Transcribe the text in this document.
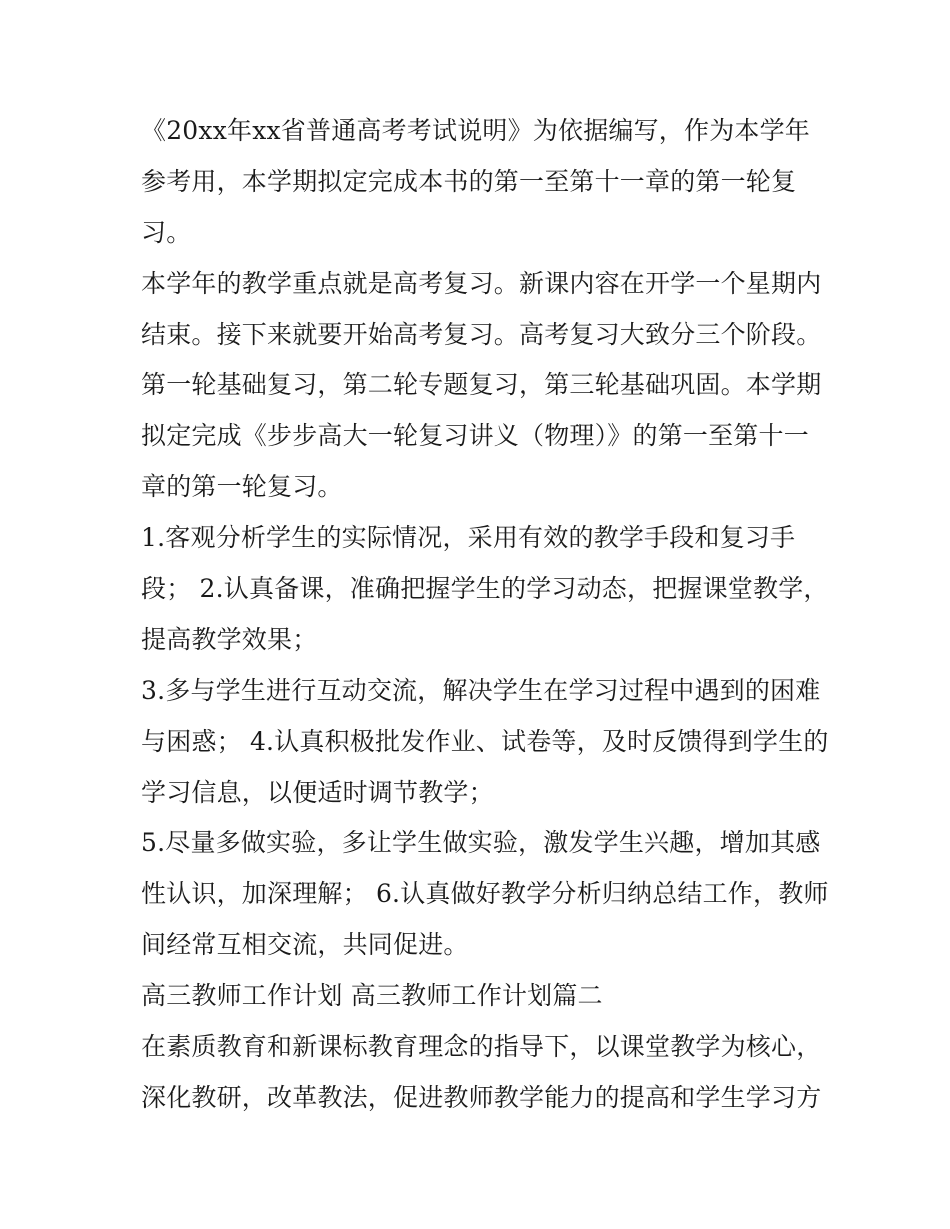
《20xx年xx省普通高考考试说明》为依据编写，作为本学年
参考用，本学期拟定完成本书的第一至第十一章的第一轮复
习。
本学年的教学重点就是高考复习。新课内容在开学一个星期内
结束。接下来就要开始高考复习。高考复习大致分三个阶段。
第一轮基础复习，第二轮专题复习，第三轮基础巩固。本学期
拟定完成《步步高大一轮复习讲义（物理）》的第一至第十一
章的第一轮复习。
1.客观分析学生的实际情况，采用有效的教学手段和复习手
段； 2.认真备课，准确把握学生的学习动态，把握课堂教学，
提高教学效果；
3.多与学生进行互动交流，解决学生在学习过程中遇到的困难
与困惑； 4.认真积极批发作业、试卷等，及时反馈得到学生的
学习信息，以便适时调节教学；
5.尽量多做实验，多让学生做实验，激发学生兴趣，增加其感
性认识，加深理解； 6.认真做好教学分析归纳总结工作，教师
间经常互相交流，共同促进。
高三教师工作计划 高三教师工作计划篇二
在素质教育和新课标教育理念的指导下，以课堂教学为核心，
深化教研，改革教法，促进教师教学能力的提高和学生学习方
